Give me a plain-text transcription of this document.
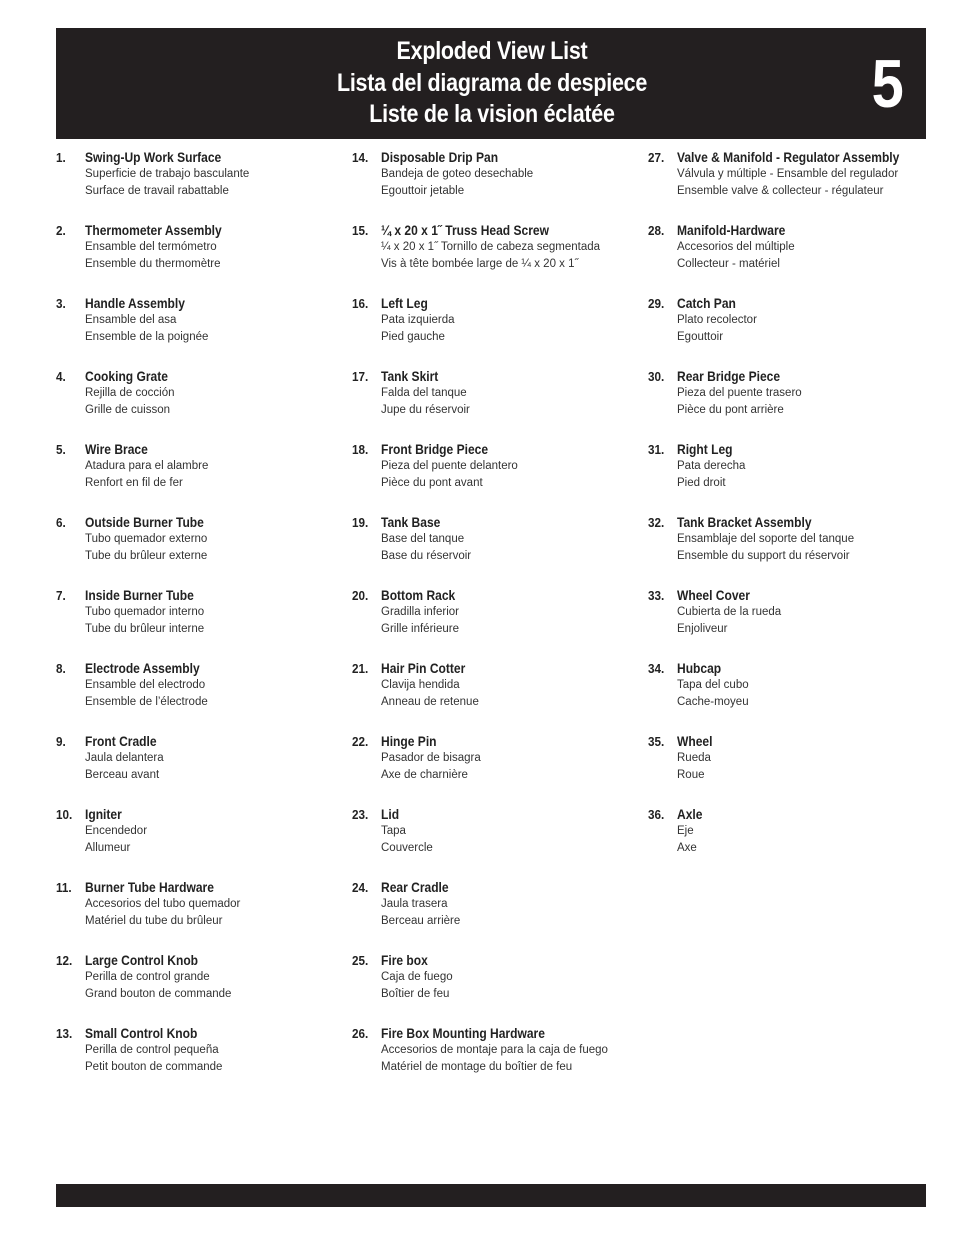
Exploded View List
Lista del diagrama de despiece
Liste de la vision éclatée	5
1. Swing-Up Work Surface
Superficie de trabajo basculante
Surface de travail rabattable
2. Thermometer Assembly
Ensamble del termómetro
Ensemble du thermomètre
3. Handle Assembly
Ensamble del asa
Ensemble de la poignée
4. Cooking Grate
Rejilla de cocción
Grille de cuisson
5. Wire Brace
Atadura para el alambre
Renfort en fil de fer
6. Outside Burner Tube
Tubo quemador externo
Tube du brûleur externe
7. Inside Burner Tube
Tubo quemador interno
Tube du brûleur interne
8. Electrode Assembly
Ensamble del electrodo
Ensemble de l’électrode
9. Front Cradle
Jaula delantera
Berceau avant
10. Igniter
Encendedor
Allumeur
11. Burner Tube Hardware
Accesorios del tubo quemador
Matériel du tube du brûleur
12. Large Control Knob
Perilla de control grande
Grand bouton de commande
13. Small Control Knob
Perilla de control pequeña
Petit bouton de commande
14. Disposable Drip Pan
Bandeja de goteo desechable
Egouttoir jetable
15. ¼ x 20 x 1˝ Truss Head Screw
¼ x 20 x 1˝ Tornillo de cabeza segmentada
Vis à tête bombée large de ¼ x 20 x 1˝
16. Left Leg
Pata izquierda
Pied gauche
17. Tank Skirt
Falda del tanque
Jupe du réservoir
18. Front Bridge Piece
Pieza del puente delantero
Pièce du pont avant
19. Tank Base
Base del tanque
Base du réservoir
20. Bottom Rack
Gradilla inferior
Grille inférieure
21. Hair Pin Cotter
Clavija hendida
Anneau de retenue
22. Hinge Pin
Pasador de bisagra
Axe de charnière
23. Lid
Tapa
Couvercle
24. Rear Cradle
Jaula trasera
Berceau arrière
25. Fire box
Caja de fuego
Boîtier de feu
26. Fire Box Mounting Hardware
Accesorios de montaje para la caja de fuego
Matériel de montage du boîtier de feu
27. Valve & Manifold - Regulator Assembly
Válvula y múltiple - Ensamble del regulador
Ensemble valve & collecteur - régulateur
28. Manifold-Hardware
Accesorios del múltiple
Collecteur - matériel
29. Catch Pan
Plato recolector
Egouttoir
30. Rear Bridge Piece
Pieza del puente trasero
Pièce du pont arrière
31. Right Leg
Pata derecha
Pied droit
32. Tank Bracket Assembly
Ensamblaje del soporte del tanque
Ensemble du support du réservoir
33. Wheel Cover
Cubierta de la rueda
Enjoliveur
34. Hubcap
Tapa del cubo
Cache-moyeu
35. Wheel
Rueda
Roue
36. Axle
Eje
Axe
